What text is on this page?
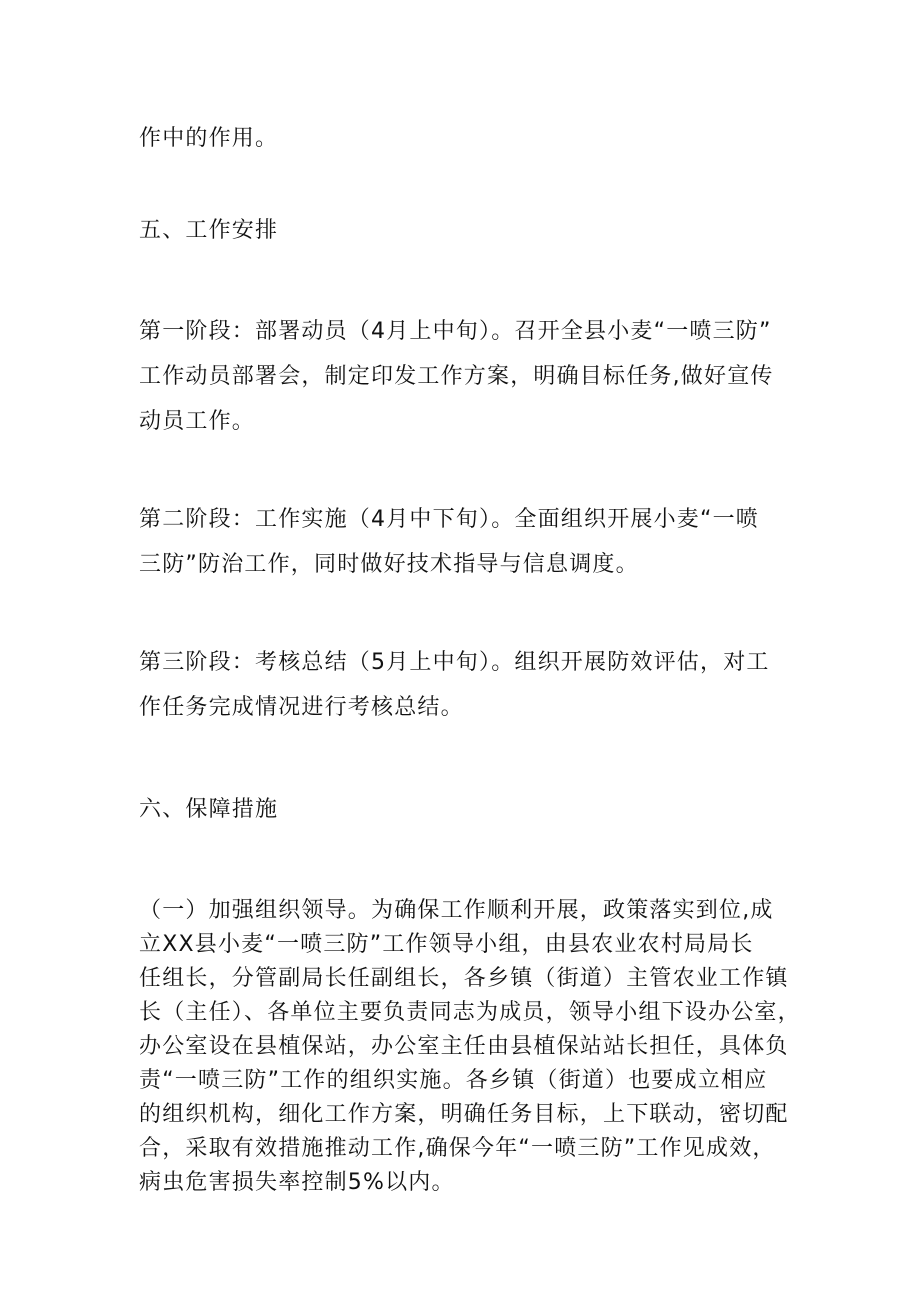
作中的作用。
五、工作安排
第一阶段：部署动员（4月上中旬）。召开全县小麦“一喷三防”
工作动员部署会，制定印发工作方案，明确目标任务,做好宣传
动员工作。
第二阶段：工作实施（4月中下旬）。全面组织开展小麦“一喷
三防”防治工作，同时做好技术指导与信息调度。
第三阶段：考核总结（5月上中旬）。组织开展防效评估，对工
作任务完成情况进行考核总结。
六、保障措施
（一）加强组织领导。为确保工作顺利开展，政策落实到位,成
立XX县小麦“一喷三防”工作领导小组，由县农业农村局局长
任组长，分管副局长任副组长，各乡镇（街道）主管农业工作镇
长（主任）、各单位主要负责同志为成员，领导小组下设办公室，
办公室设在县植保站，办公室主任由县植保站站长担任，具体负
责“一喷三防”工作的组织实施。各乡镇（街道）也要成立相应
的组织机构，细化工作方案，明确任务目标，上下联动，密切配
合，采取有效措施推动工作,确保今年“一喷三防”工作见成效，
病虫危害损失率控制5%以内。
